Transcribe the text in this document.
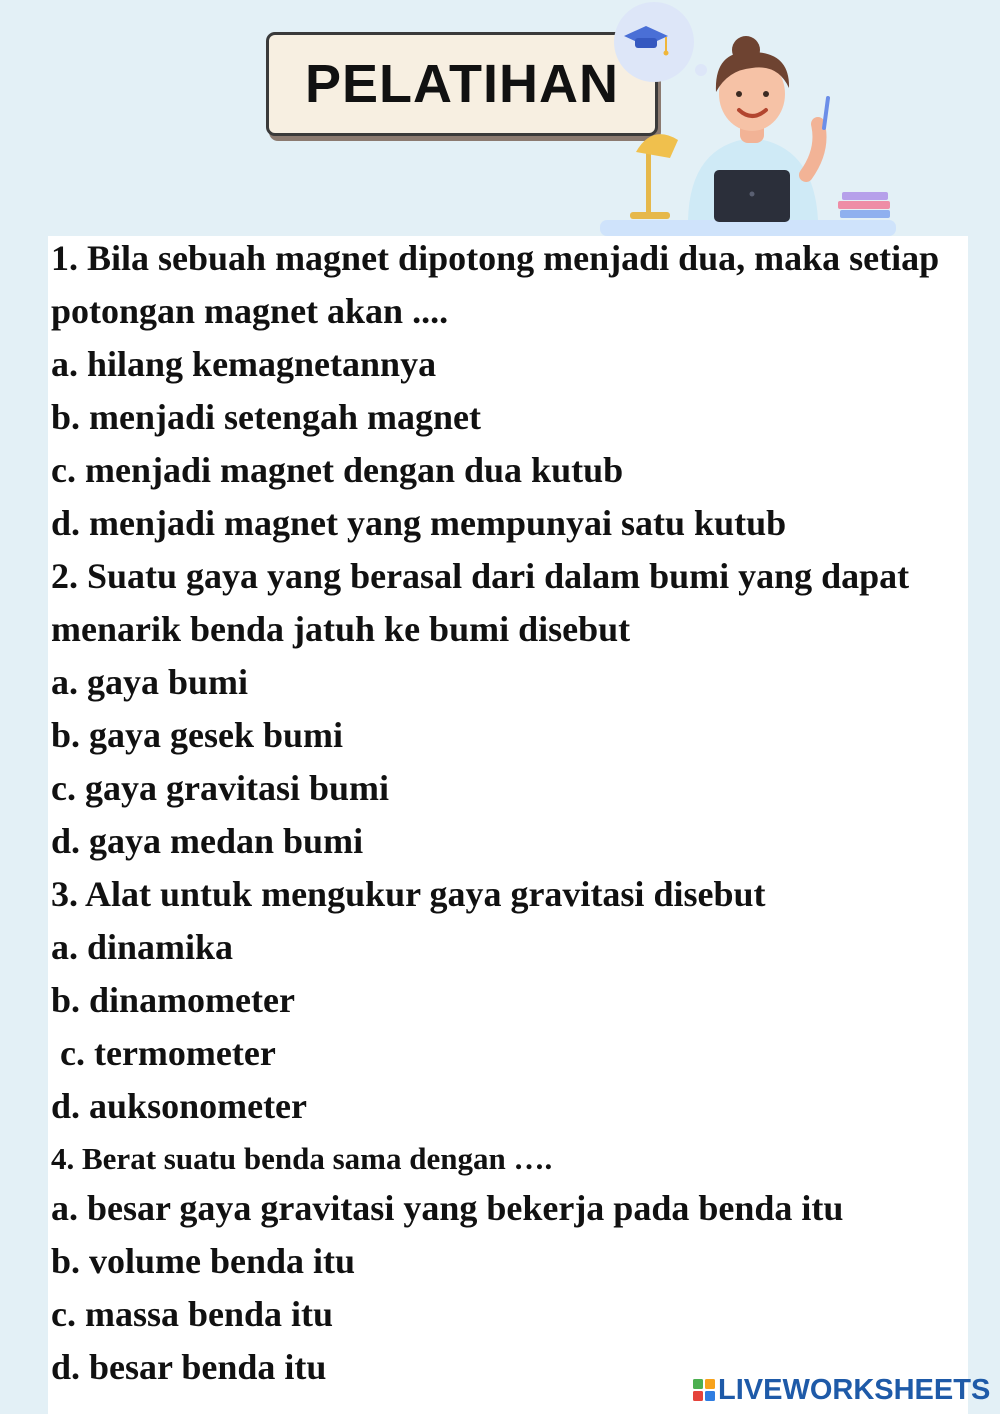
PELATIHAN

1. Bila sebuah magnet dipotong menjadi dua, maka setiap

potongan magnet akan ....

a. hilang kemagnetannya

b. menjadi setengah magnet

c. menjadi magnet dengan dua kutub

d. menjadi magnet yang mempunyai satu kutub

2. Suatu gaya yang berasal dari dalam bumi yang dapat

menarik benda jatuh ke bumi disebut

a. gaya bumi

b. gaya gesek bumi

c. gaya gravitasi bumi

d. gaya medan bumi

3. Alat untuk mengukur gaya gravitasi disebut

a. dinamika

b. dinamometer

c. termometer

d. auksonometer

4. Berat suatu benda sama dengan ….

a. besar gaya gravitasi yang bekerja pada benda itu

b. volume benda itu

c. massa benda itu

d. besar benda itu

LIVEWORKSHEETS
